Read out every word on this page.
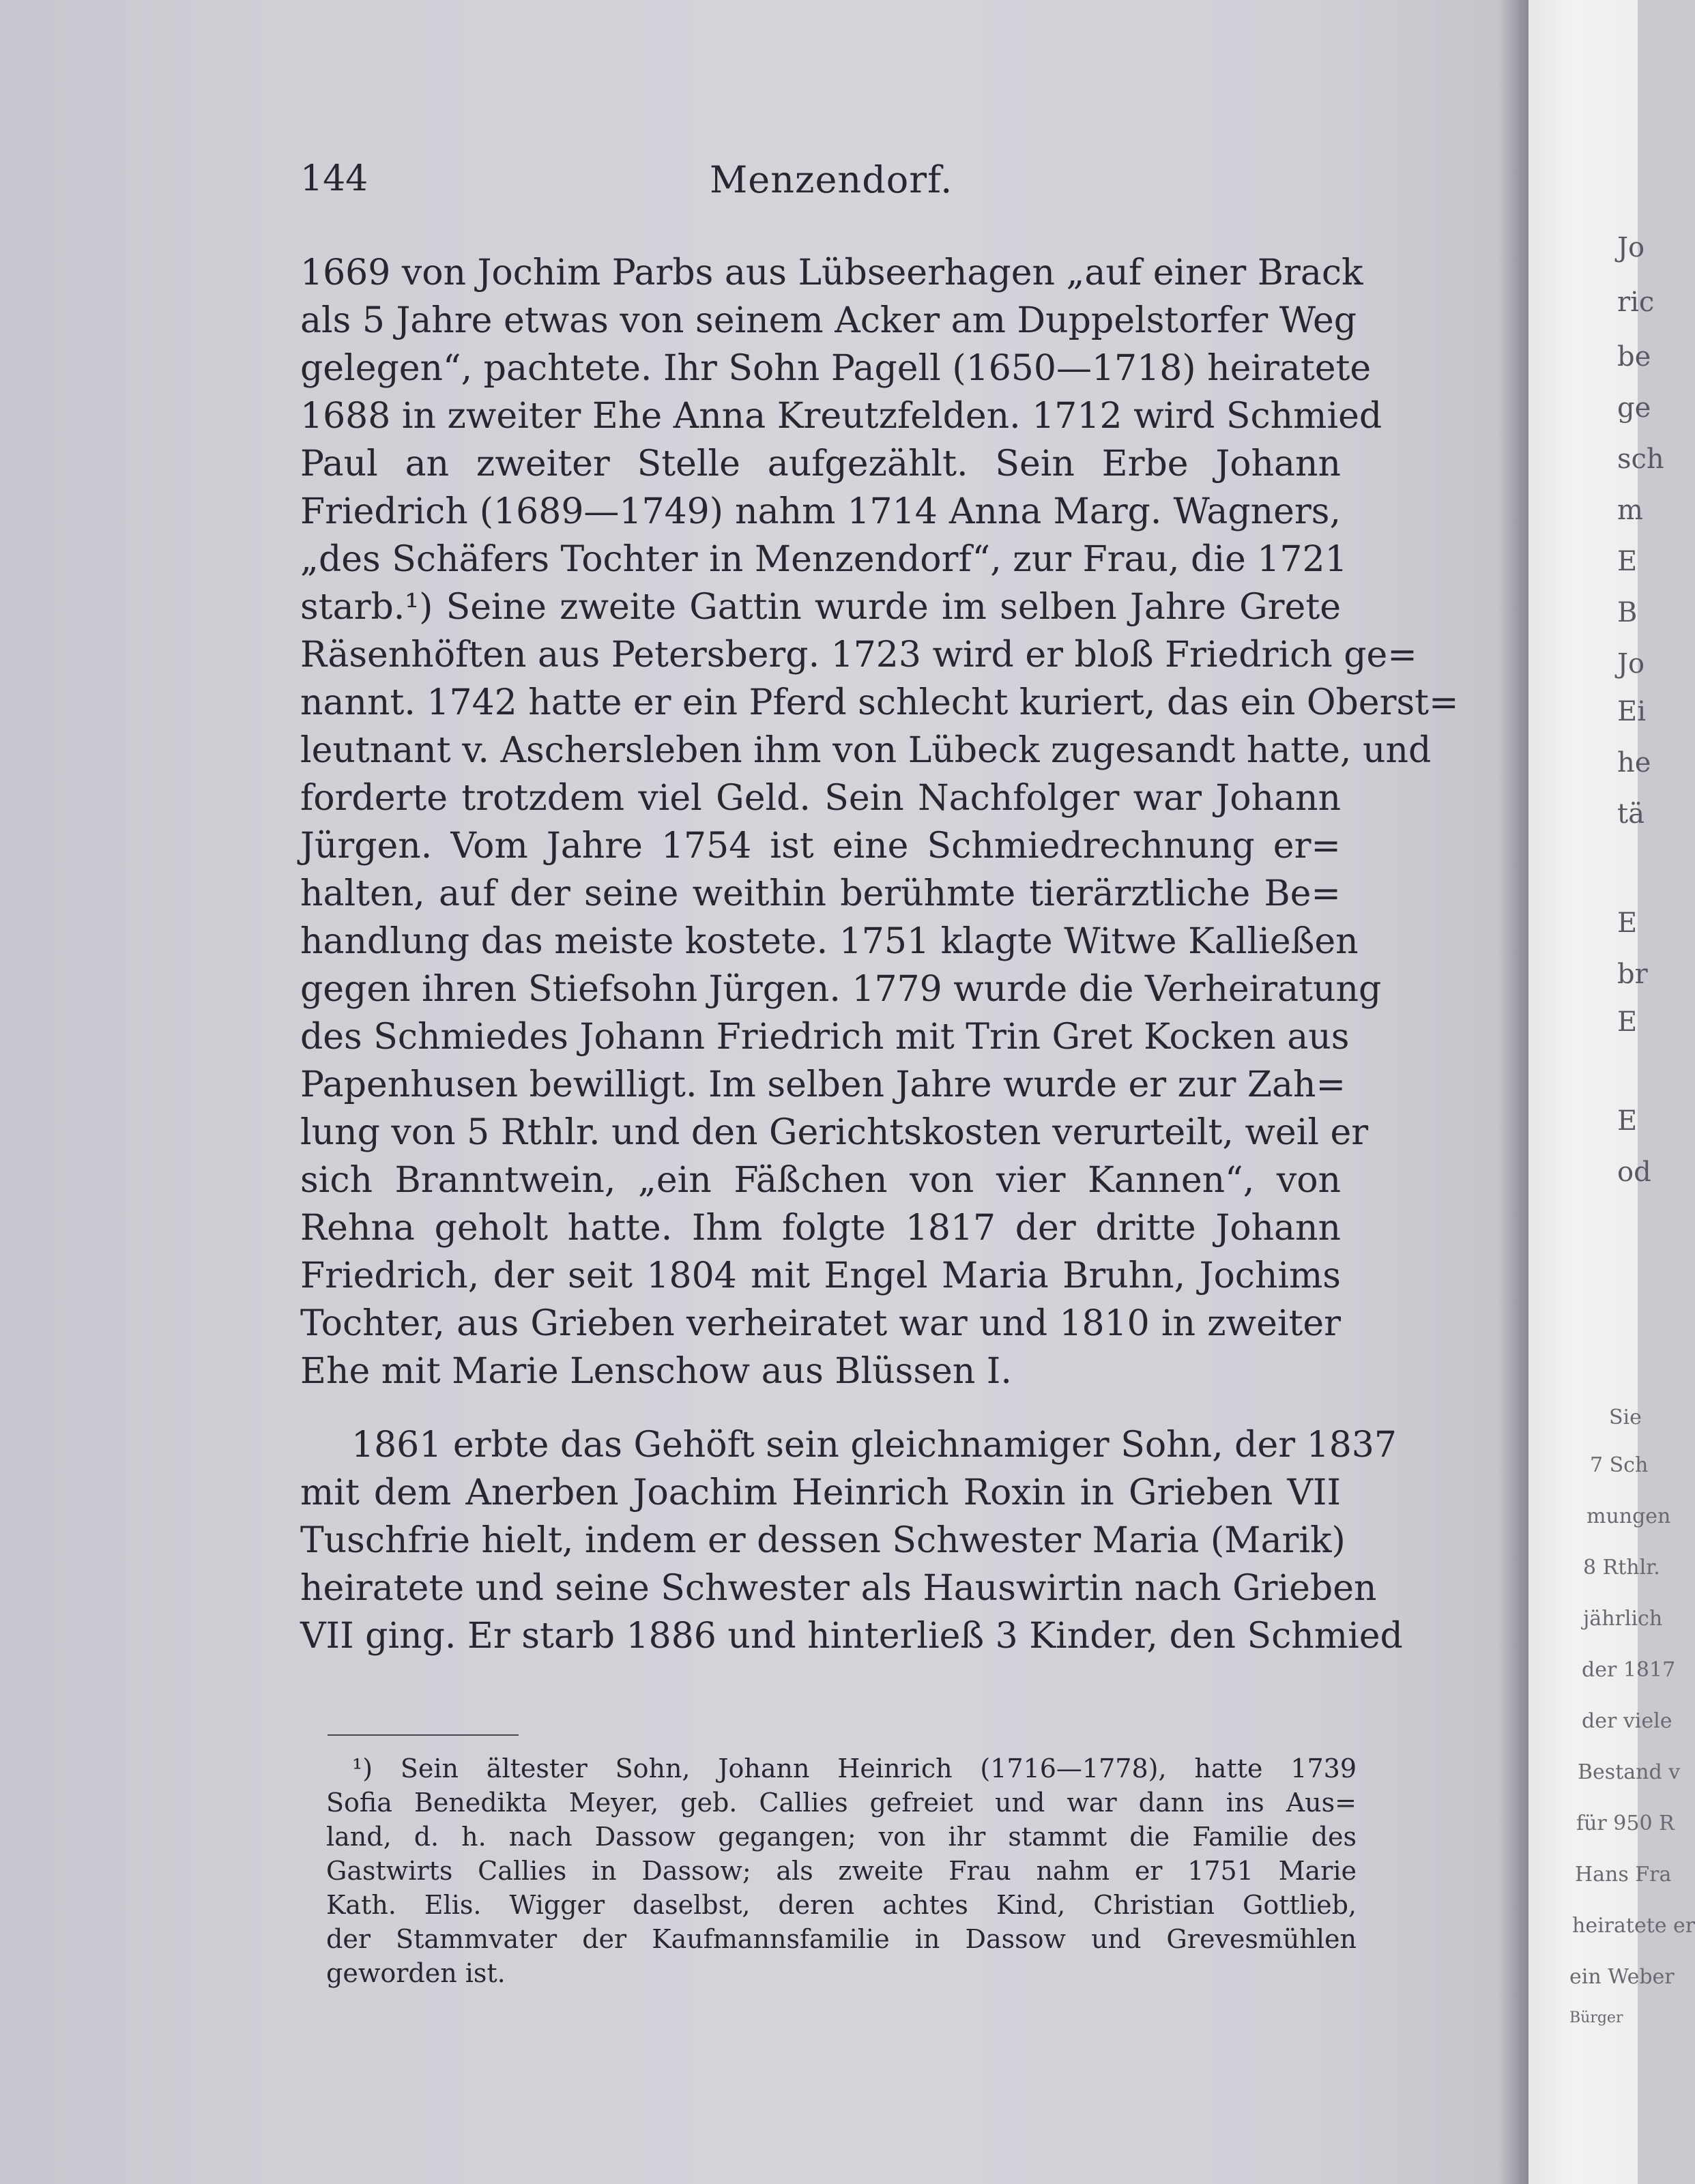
144	Menzendorf.
1669 von Jochim Parbs aus Lübseerhagen „auf einer Brack
als 5 Jahre etwas von seinem Acker am Duppelstorfer Weg
gelegen“, pachtete. Ihr Sohn Pagell (1650—1718) heiratete
1688 in zweiter Ehe Anna Kreutzfelden. 1712 wird Schmied
Paul an zweiter Stelle aufgezählt. Sein Erbe Johann
Friedrich (1689—1749) nahm 1714 Anna Marg. Wagners,
„des Schäfers Tochter in Menzendorf“, zur Frau, die 1721
starb.¹) Seine zweite Gattin wurde im selben Jahre Grete
Räsenhöften aus Petersberg. 1723 wird er bloß Friedrich ge=
nannt. 1742 hatte er ein Pferd schlecht kuriert, das ein Oberst=
leutnant v. Aschersleben ihm von Lübeck zugesandt hatte, und
forderte trotzdem viel Geld. Sein Nachfolger war Johann
Jürgen. Vom Jahre 1754 ist eine Schmiedrechnung er=
halten, auf der seine weithin berühmte tierärztliche Be=
handlung das meiste kostete. 1751 klagte Witwe Kalließen
gegen ihren Stiefsohn Jürgen. 1779 wurde die Verheiratung
des Schmiedes Johann Friedrich mit Trin Gret Kocken aus
Papenhusen bewilligt. Im selben Jahre wurde er zur Zah=
lung von 5 Rthlr. und den Gerichtskosten verurteilt, weil er
sich Branntwein, „ein Fäßchen von vier Kannen“, von
Rehna geholt hatte. Ihm folgte 1817 der dritte Johann
Friedrich, der seit 1804 mit Engel Maria Bruhn, Jochims
Tochter, aus Grieben verheiratet war und 1810 in zweiter
Ehe mit Marie Lenschow aus Blüssen I.
1861 erbte das Gehöft sein gleichnamiger Sohn, der 1837
mit dem Anerben Joachim Heinrich Roxin in Grieben VII
Tuschfrie hielt, indem er dessen Schwester Maria (Marik)
heiratete und seine Schwester als Hauswirtin nach Grieben
VII ging. Er starb 1886 und hinterließ 3 Kinder, den Schmied
¹) Sein ältester Sohn, Johann Heinrich (1716—1778), hatte 1739
Sofia Benedikta Meyer, geb. Callies gefreiet und war dann ins Aus=
land, d. h. nach Dassow gegangen; von ihr stammt die Familie des
Gastwirts Callies in Dassow; als zweite Frau nahm er 1751 Marie
Kath. Elis. Wigger daselbst, deren achtes Kind, Christian Gottlieb,
der Stammvater der Kaufmannsfamilie in Dassow und Grevesmühlen
geworden ist.
Jo
ric
be
ge
sch
m
E
B
Jo
Ei
he
tä
E
br
E
E
od
Sie
7 Sch
mungen
8 Rthlr.
jährlich
der 1817
der viele
Bestand v
für 950 R
Hans Fra
heiratete er
ein Weber
Bürger
